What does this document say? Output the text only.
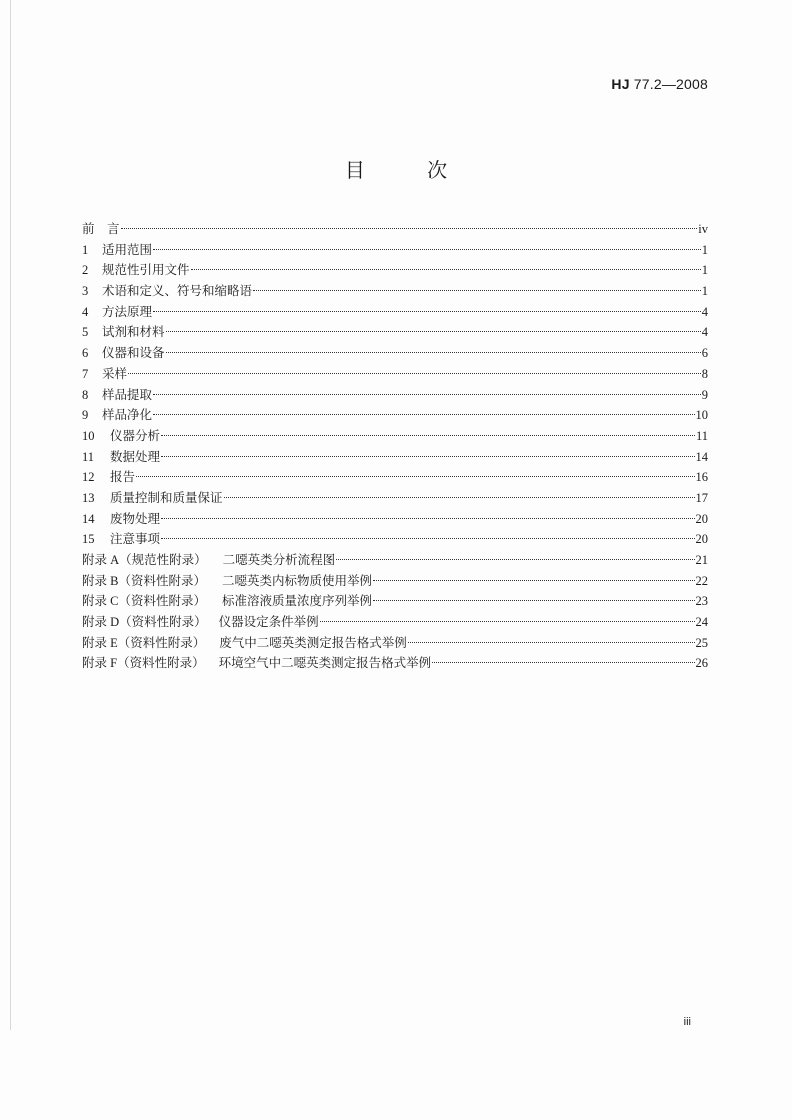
HJ 77.2—2008
目 次
前　言	iv
1	适用范围	1
2	规范性引用文件	1
3	术语和定义、符号和缩略语	1
4	方法原理	4
5	试剂和材料	4
6	仪器和设备	6
7	采样	8
8	样品提取	9
9	样品净化	10
10	仪器分析	11
11	数据处理	14
12	报告	16
13	质量控制和质量保证	17
14	废物处理	20
15	注意事项	20
附录 A（规范性附录） 二噁英类分析流程图	21
附录 B（资料性附录） 二噁英类内标物质使用举例	22
附录 C（资料性附录） 标准溶液质量浓度序列举例	23
附录 D（资料性附录） 仪器设定条件举例	24
附录 E（资料性附录） 废气中二噁英类测定报告格式举例	25
附录 F（资料性附录） 环境空气中二噁英类测定报告格式举例	26
iii
